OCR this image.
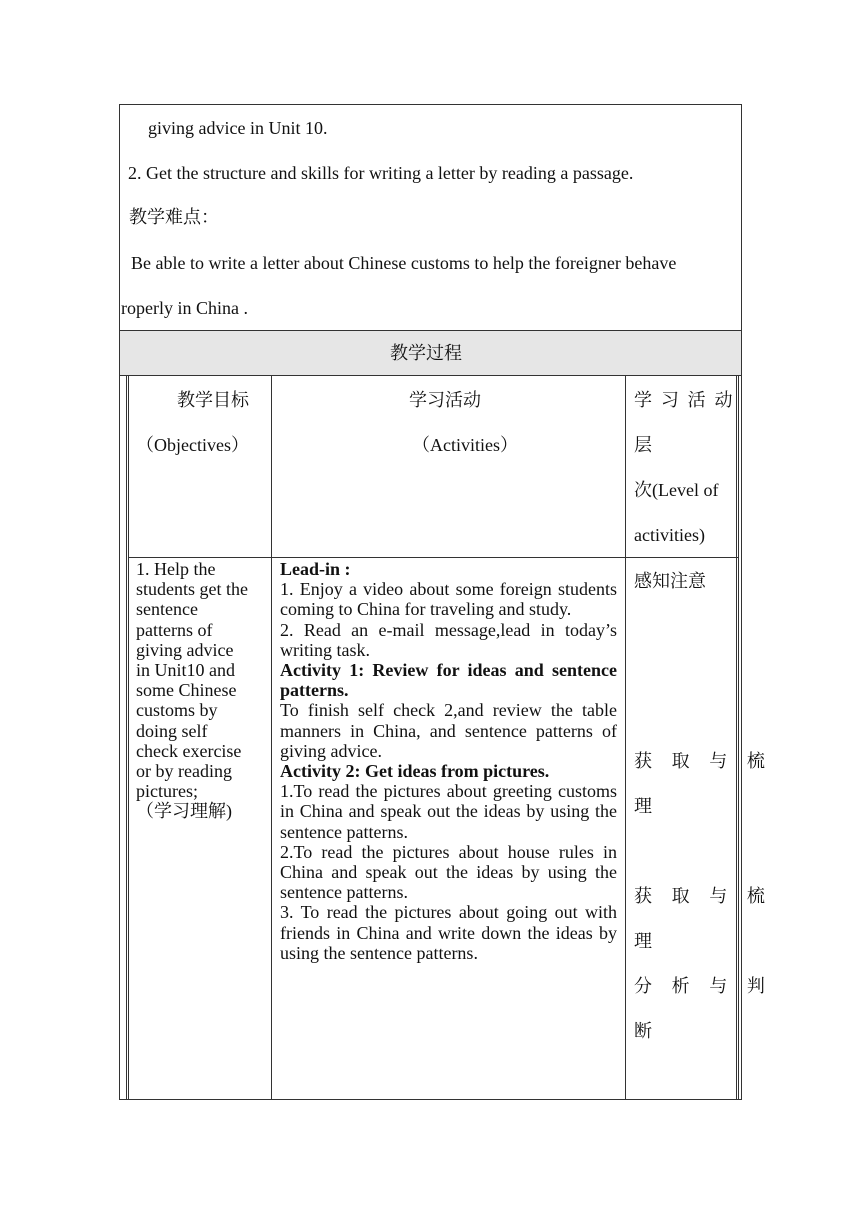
giving advice in Unit 10.
2. Get the structure and skills for writing a letter by reading a passage.
教学难点：
Be able to write a letter about Chinese customs to help the foreigner behave
roperly in China .
教学过程
教学目标
（Objectives）
学习活动
（Activities）
学 习 活 动
层
次(Level of
activities)
1. Help the
students get the
sentence
patterns of
giving advice
in Unit10 and
some Chinese
customs by
doing self
check exercise
or by reading
pictures;
（学习理解)
Lead-in :
1. Enjoy a video about some foreign students coming to China for traveling and study.
2. Read an e-mail message,lead in today’s writing task.
Activity 1: Review for ideas and sentence patterns.
To finish self check 2,and review the table manners in China, and sentence patterns of giving advice.
Activity 2: Get ideas from pictures.
1.To read the pictures about greeting customs in China and speak out the ideas by using the sentence patterns.
2.To read the pictures about house rules in China and speak out the ideas by using the sentence patterns.
3. To read the pictures about going out with friends in China and write down the ideas by using the sentence patterns.
感知注意
获 取 与 梳
理
获 取 与 梳
理
分 析 与 判
断
